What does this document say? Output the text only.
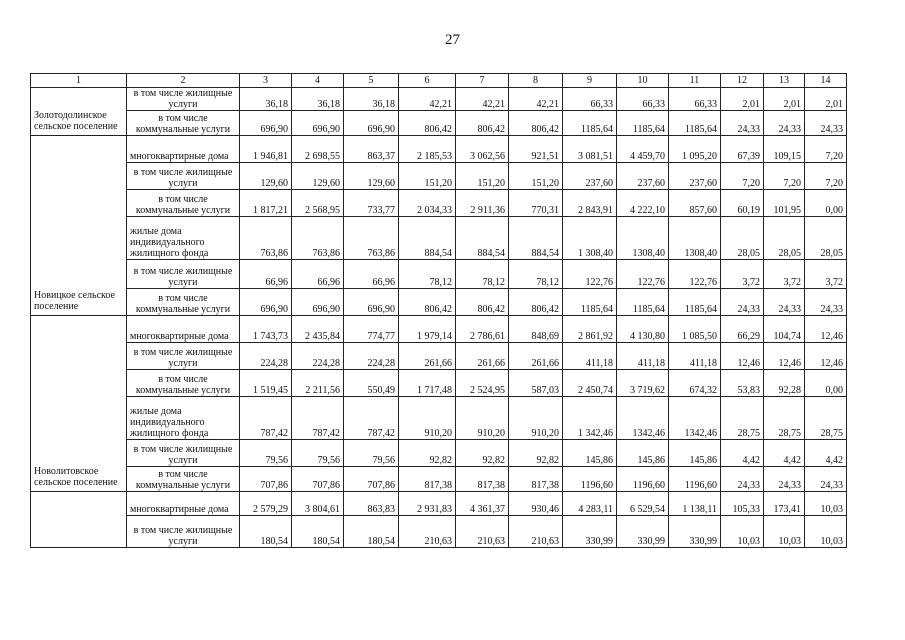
27
1	2	3	4	5	6	7	8	9	10	11	12	13	14
Золотодолинское сельское поселение	в том числе жилищные услуги	36,18	36,18	36,18	42,21	42,21	42,21	66,33	66,33	66,33	2,01	2,01	2,01
	в том числе коммунальные услуги	696,90	696,90	696,90	806,42	806,42	806,42	1185,64	1185,64	1185,64	24,33	24,33	24,33
Новицкое сельское поселение	многоквартирные дома	1 946,81	2 698,55	863,37	2 185,53	3 062,56	921,51	3 081,51	4 459,70	1 095,20	67,39	109,15	7,20
	в том числе жилищные услуги	129,60	129,60	129,60	151,20	151,20	151,20	237,60	237,60	237,60	7,20	7,20	7,20
	в том числе коммунальные услуги	1 817,21	2 568,95	733,77	2 034,33	2 911,36	770,31	2 843,91	4 222,10	857,60	60,19	101,95	0,00
	жилые дома индивидуального жилищного фонда	763,86	763,86	763,86	884,54	884,54	884,54	1 308,40	1308,40	1308,40	28,05	28,05	28,05
	в том числе жилищные услуги	66,96	66,96	66,96	78,12	78,12	78,12	122,76	122,76	122,76	3,72	3,72	3,72
	в том числе коммунальные услуги	696,90	696,90	696,90	806,42	806,42	806,42	1185,64	1185,64	1185,64	24,33	24,33	24,33
Новолитовское сельское поселение	многоквартирные дома	1 743,73	2 435,84	774,77	1 979,14	2 786,61	848,69	2 861,92	4 130,80	1 085,50	66,29	104,74	12,46
	в том числе жилищные услуги	224,28	224,28	224,28	261,66	261,66	261,66	411,18	411,18	411,18	12,46	12,46	12,46
	в том числе коммунальные услуги	1 519,45	2 211,56	550,49	1 717,48	2 524,95	587,03	2 450,74	3 719,62	674,32	53,83	92,28	0,00
	жилые дома индивидуального жилищного фонда	787,42	787,42	787,42	910,20	910,20	910,20	1 342,46	1342,46	1342,46	28,75	28,75	28,75
	в том числе жилищные услуги	79,56	79,56	79,56	92,82	92,82	92,82	145,86	145,86	145,86	4,42	4,42	4,42
	в том числе коммунальные услуги	707,86	707,86	707,86	817,38	817,38	817,38	1196,60	1196,60	1196,60	24,33	24,33	24,33
	многоквартирные дома	2 579,29	3 804,61	863,83	2 931,83	4 361,37	930,46	4 283,11	6 529,54	1 138,11	105,33	173,41	10,03
	в том числе жилищные услуги	180,54	180,54	180,54	210,63	210,63	210,63	330,99	330,99	330,99	10,03	10,03	10,03
